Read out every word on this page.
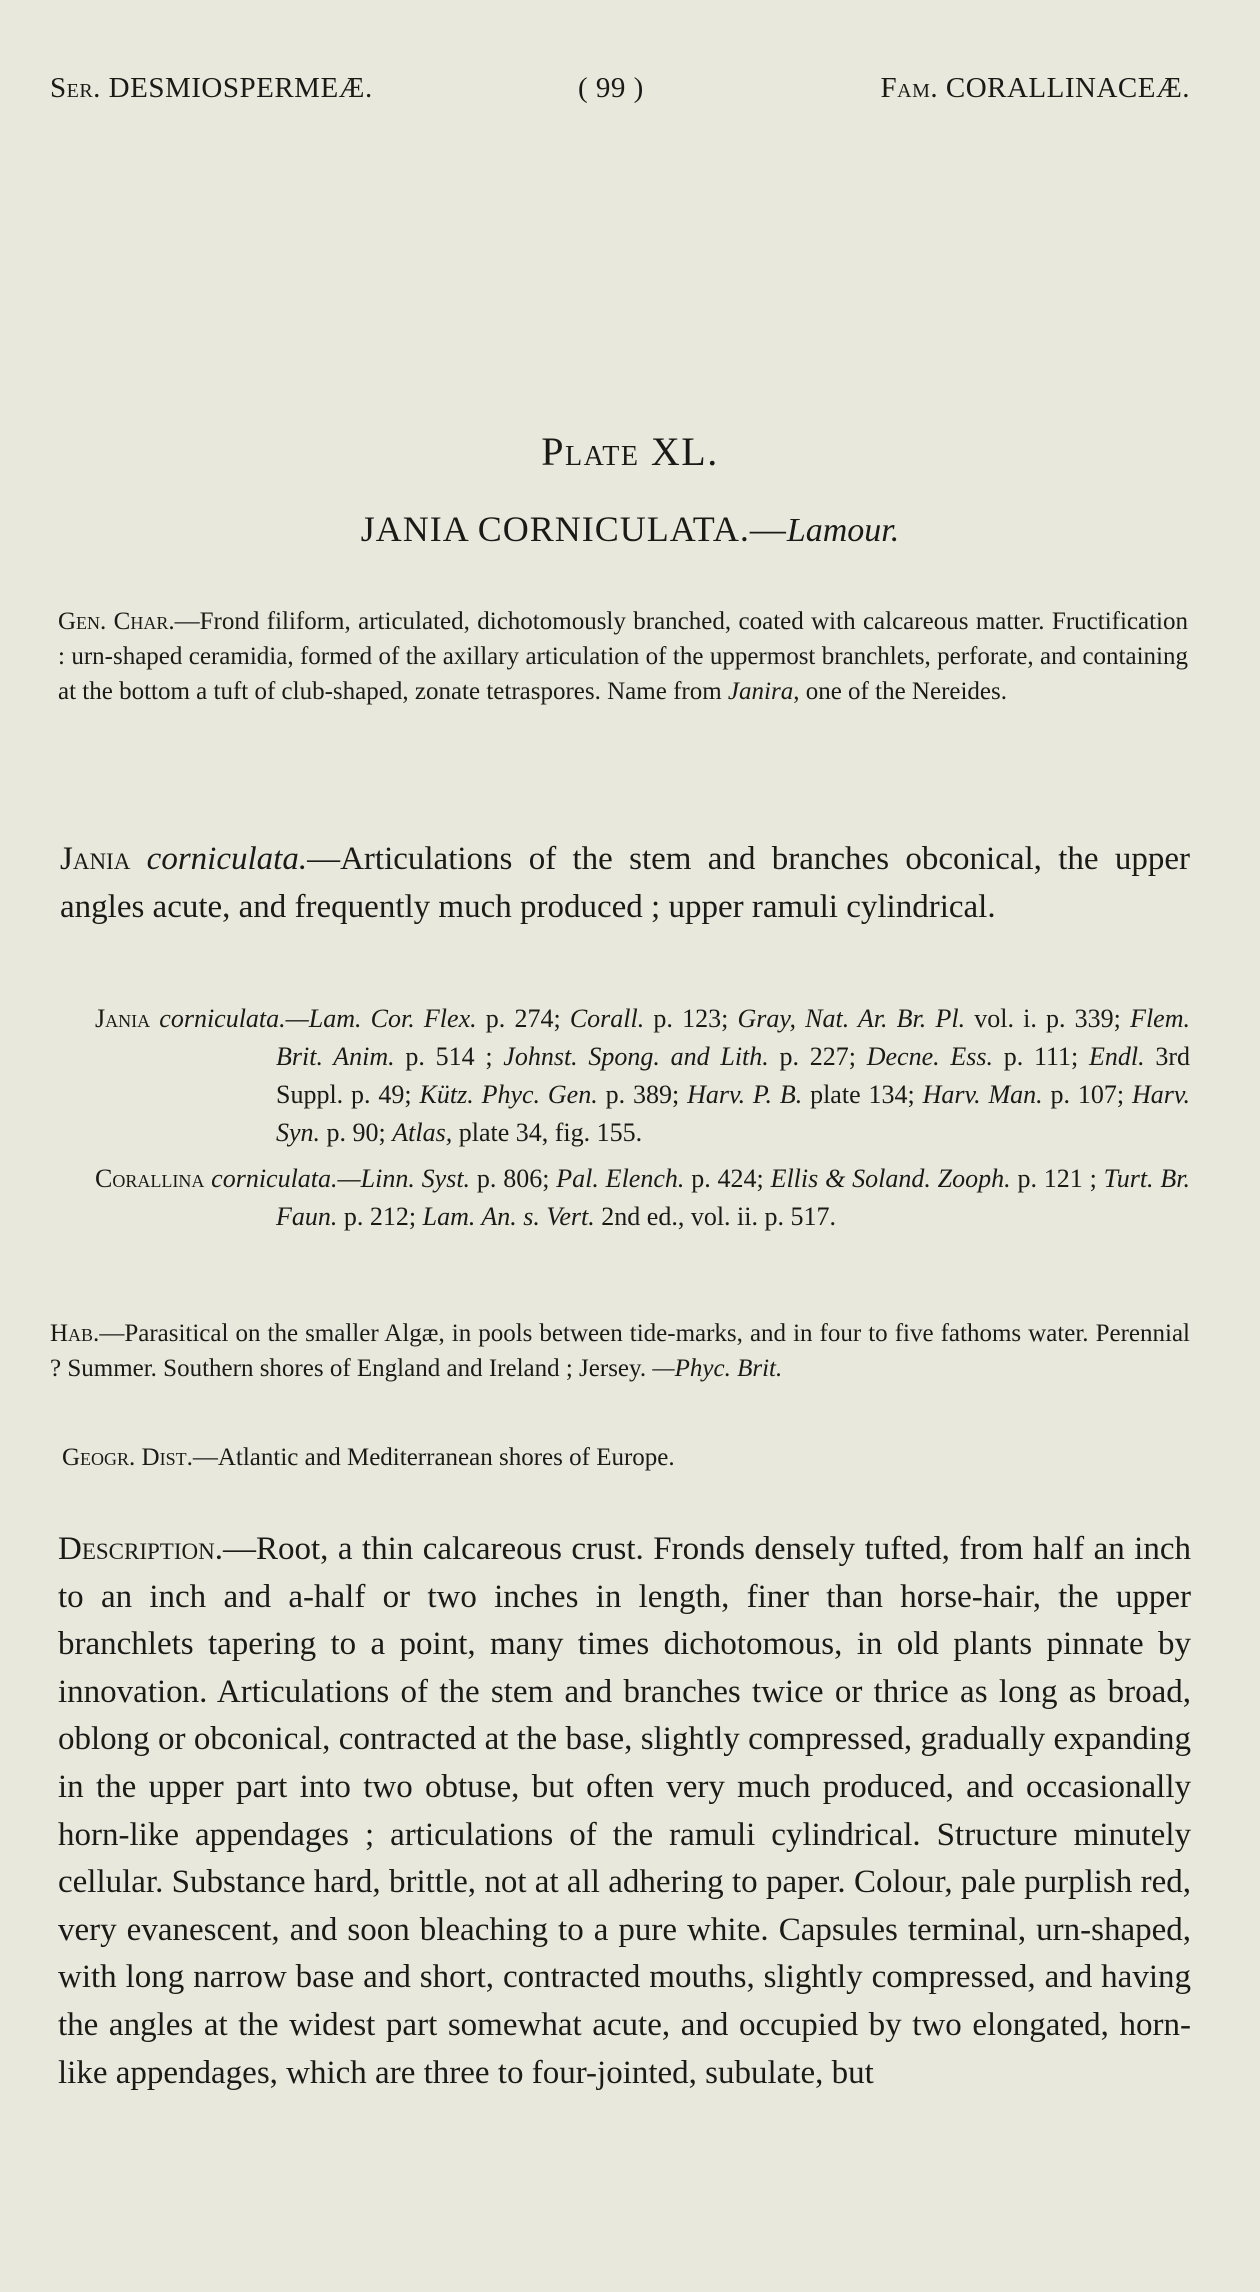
Ser. DESMIOSPERMEÆ.	( 99 )	Fam. CORALLINACEÆ.

Plate XL.
JANIA CORNICULATA.—Lamour.
Gen. Char.—Frond filiform, articulated, dichotomously branched, coated with calcareous matter. Fructification : urn-shaped ceramidia, formed of the axillary articulation of the uppermost branchlets, perforate, and containing at the bottom a tuft of club-shaped, zonate tetraspores. Name from Janira, one of the Nereides.
Jania corniculata.—Articulations of the stem and branches obconical, the upper angles acute, and frequently much produced ; upper ramuli cylindrical.
Jania corniculata.—Lam. Cor. Flex. p. 274; Corall. p. 123; Gray, Nat. Ar. Br. Pl. vol. i. p. 339; Flem. Brit. Anim. p. 514 ; Johnst. Spong. and Lith. p. 227; Decne. Ess. p. 111; Endl. 3rd Suppl. p. 49; Kütz. Phyc. Gen. p. 389; Harv. P. B. plate 134; Harv. Man. p. 107; Harv. Syn. p. 90; Atlas, plate 34, fig. 155.
Corallina corniculata.—Linn. Syst. p. 806; Pal. Elench. p. 424; Ellis & Soland. Zooph. p. 121 ; Turt. Br. Faun. p. 212; Lam. An. s. Vert. 2nd ed., vol. ii. p. 517.
Hab.—Parasitical on the smaller Algæ, in pools between tide-marks, and in four to five fathoms water. Perennial ? Summer. Southern shores of England and Ireland ; Jersey. —Phyc. Brit.
Geogr. Dist.—Atlantic and Mediterranean shores of Europe.
Description.—Root, a thin calcareous crust. Fronds densely tufted, from half an inch to an inch and a-half or two inches in length, finer than horse-hair, the upper branchlets tapering to a point, many times dichotomous, in old plants pinnate by innovation. Articulations of the stem and branches twice or thrice as long as broad, oblong or obconical, contracted at the base, slightly compressed, gradually expanding in the upper part into two obtuse, but often very much produced, and occasionally horn-like appendages ; articulations of the ramuli cylindrical. Structure minutely cellular. Substance hard, brittle, not at all adhering to paper. Colour, pale purplish red, very evanescent, and soon bleaching to a pure white. Capsules terminal, urn-shaped, with long narrow base and short, contracted mouths, slightly compressed, and having the angles at the widest part somewhat acute, and occupied by two elongated, horn-like appendages, which are three to four-jointed, subulate, but
